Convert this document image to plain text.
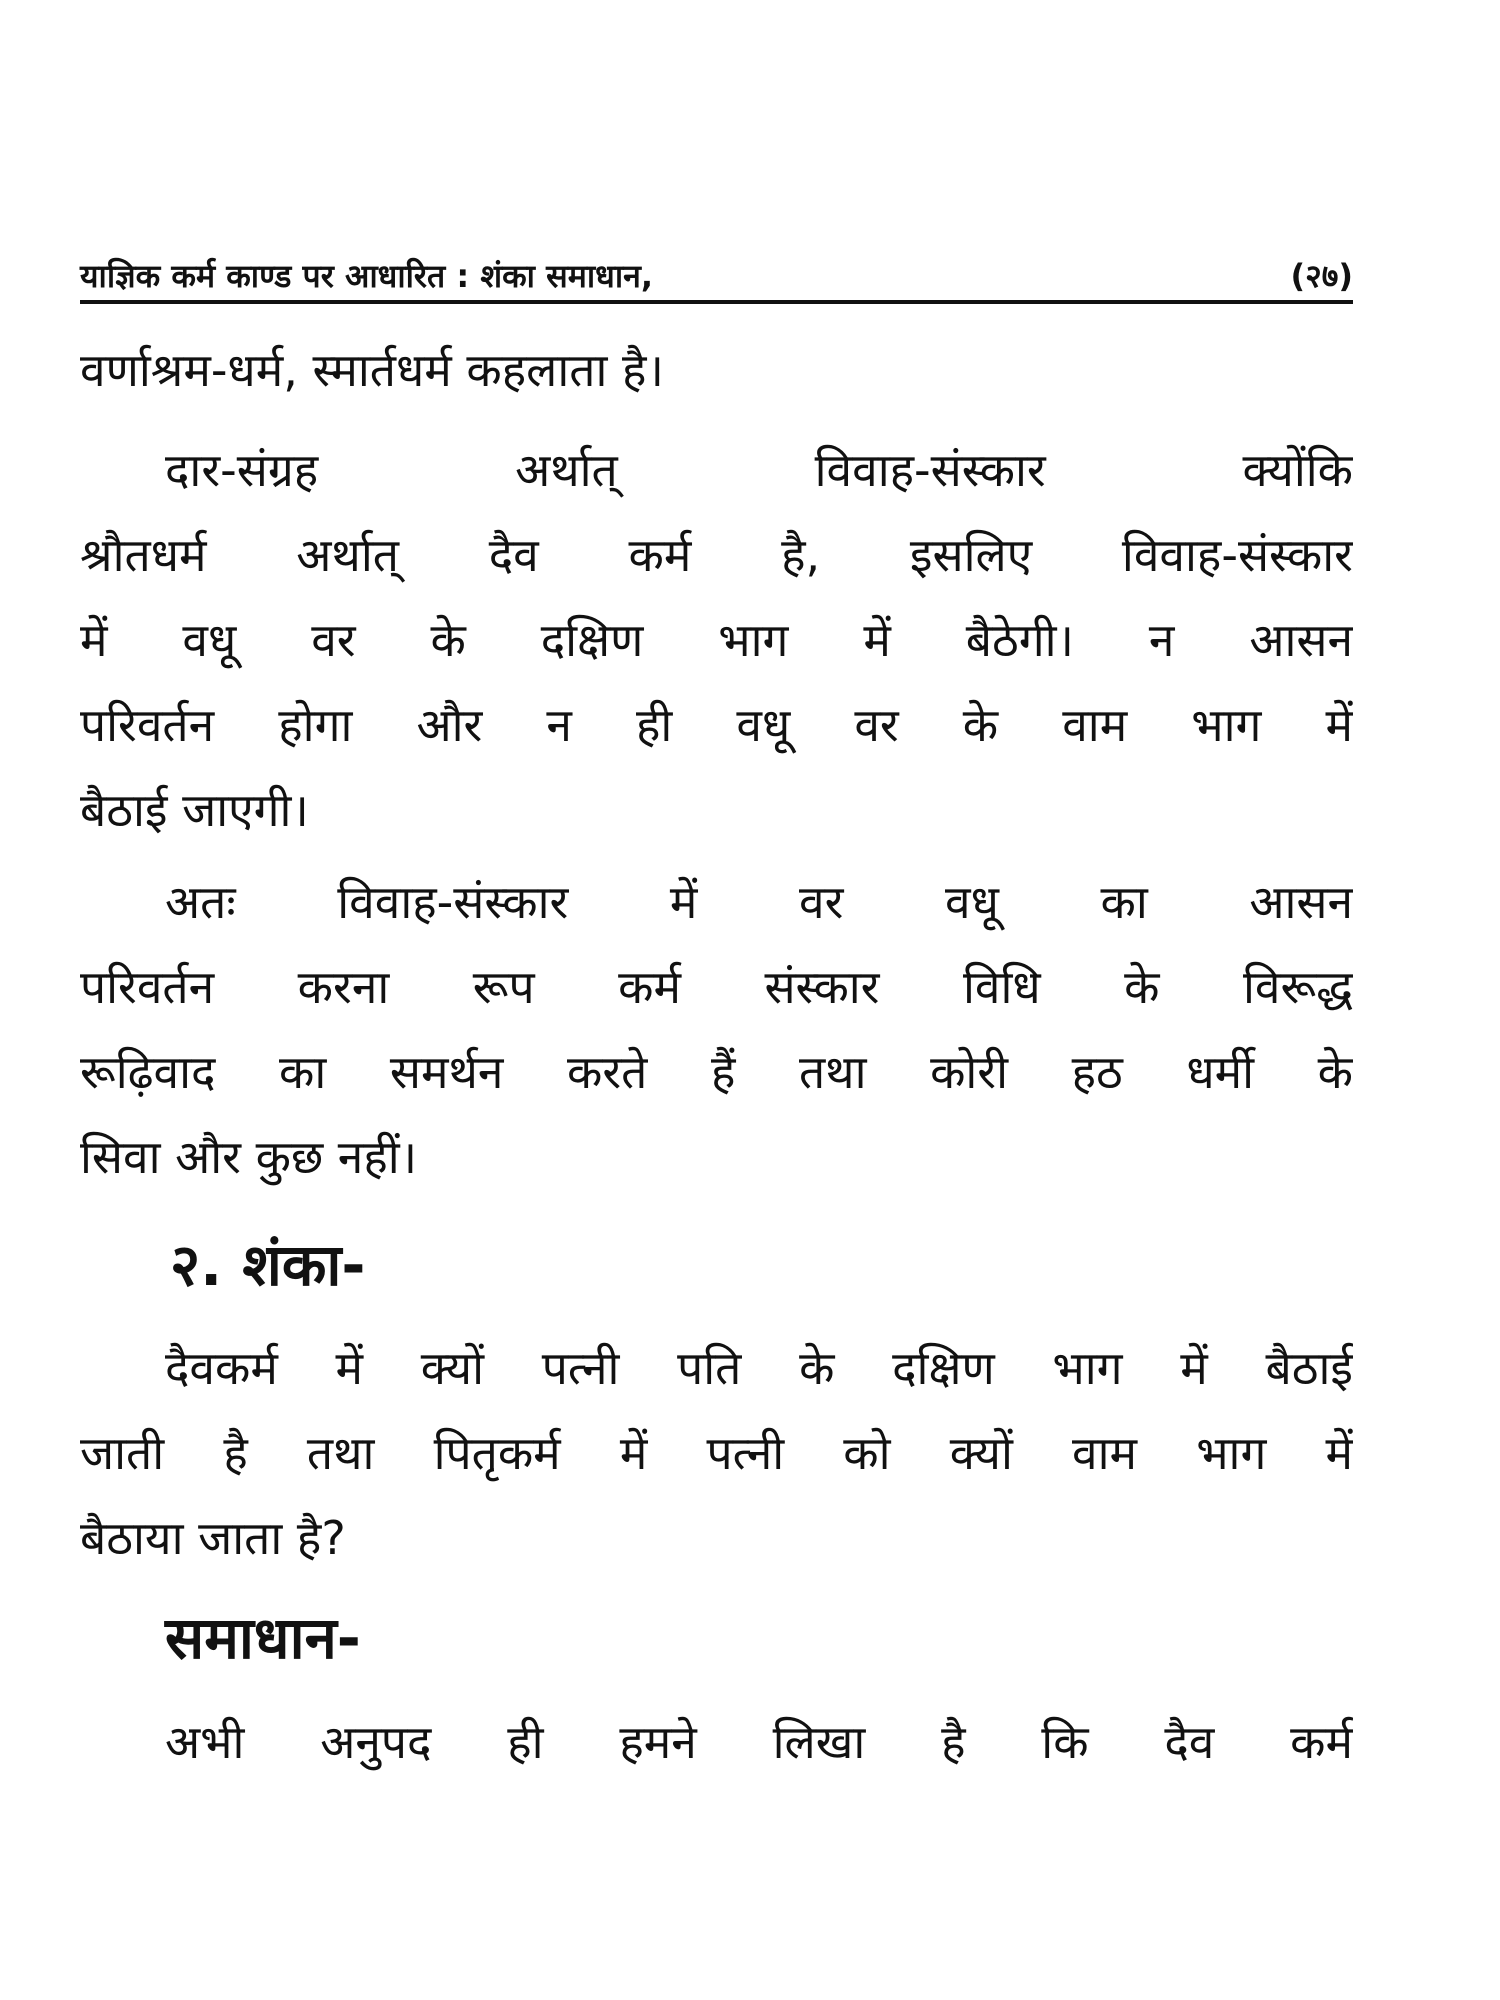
याज्ञिक कर्म काण्ड पर आधारित : शंका समाधान,	(२७)
वर्णाश्रम-धर्म, स्मार्तधर्म कहलाता है।
दार-संग्रह अर्थात् विवाह-संस्कार क्योंकि
श्रौतधर्म अर्थात् दैव कर्म है, इसलिए विवाह-संस्कार
में वधू वर के दक्षिण भाग में बैठेगी। न आसन
परिवर्तन होगा और न ही वधू वर के वाम भाग में
बैठाई जाएगी।
अतः विवाह-संस्कार में वर वधू का आसन
परिवर्तन करना रूप कर्म संस्कार विधि के विरूद्ध
रूढ़िवाद का समर्थन करते हैं तथा कोरी हठ धर्मी के
सिवा और कुछ नहीं।
२. शंका-
दैवकर्म में क्यों पत्नी पति के दक्षिण भाग में बैठाई
जाती है तथा पितृकर्म में पत्नी को क्यों वाम भाग में
बैठाया जाता है?
समाधान-
अभी अनुपद ही हमने लिखा है कि दैव कर्म
